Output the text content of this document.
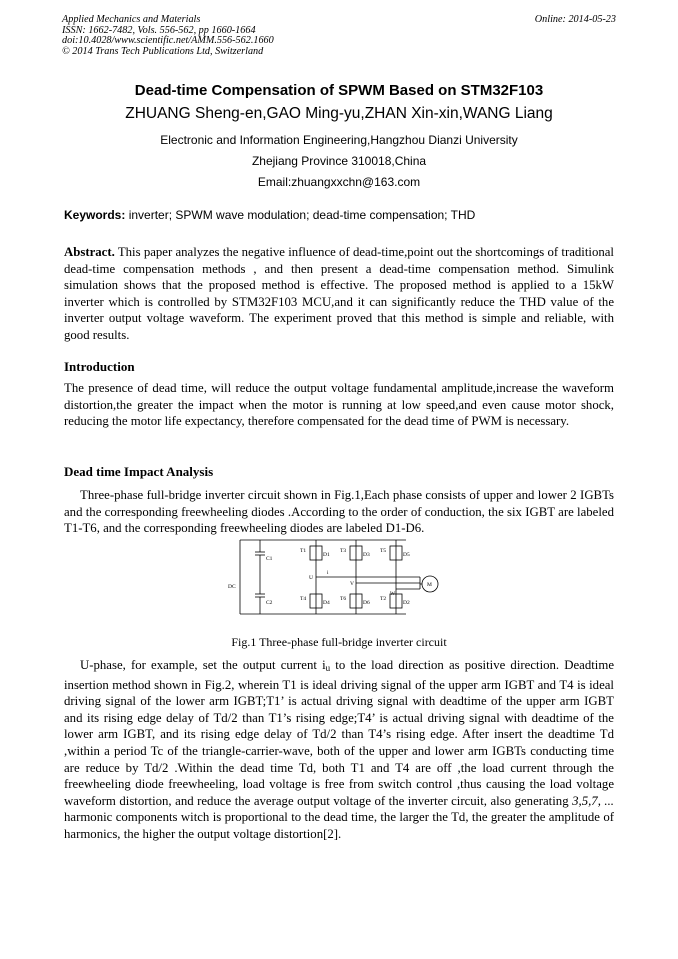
Applied Mechanics and Materials
ISSN: 1662-7482, Vols. 556-562, pp 1660-1664
doi:10.4028/www.scientific.net/AMM.556-562.1660
© 2014 Trans Tech Publications Ltd, Switzerland
Online: 2014-05-23
Dead-time Compensation of SPWM Based on STM32F103
ZHUANG Sheng-en,GAO Ming-yu,ZHAN Xin-xin,WANG Liang
Electronic and Information Engineering,Hangzhou Dianzi University
Zhejiang Province 310018,China
Email:zhuangxxchn@163.com
Keywords: inverter; SPWM wave modulation; dead-time compensation; THD
Abstract. This paper analyzes the negative influence of dead-time,point out the shortcomings of traditional dead-time compensation methods , and then present a dead-time compensation method. Simulink simulation shows that the proposed method is effective. The proposed method is applied to a 15kW inverter which is controlled by STM32F103 MCU,and it can significantly reduce the THD value of the inverter output voltage waveform. The experiment proved that this method is simple and reliable, with good results.
Introduction
The presence of dead time, will reduce the output voltage fundamental amplitude,increase the waveform distortion,the greater the impact when the motor is running at low speed,and even cause motor shock, reducing the motor life expectancy, therefore compensated for the dead time of PWM is necessary.
Dead time Impact Analysis
Three-phase full-bridge inverter circuit shown in Fig.1,Each phase consists of upper and lower 2 IGBTs and the corresponding freewheeling diodes .According to the order of conduction, the six IGBT are labeled T1-T6, and the corresponding freewheeling diodes are labeled D1-D6.
DC
C1
C2
T1	T3	T5
T4	T6	T2
D1	D3	D5
D4	D6	D2
U
V
W
i
M
Fig.1 Three-phase full-bridge inverter circuit
U-phase, for example, set the output current $i_u$ to the load direction as positive direction. Deadtime insertion method shown in Fig.2, wherein T1 is ideal driving signal of the upper arm IGBT and T4 is ideal driving signal of the lower arm IGBT;T1’ is actual driving signal with deadtime of the upper arm IGBT and its rising edge delay of Td/2 than T1’s rising edge;T4’ is actual driving signal with deadtime of the lower arm IGBT, and its rising edge delay of Td/2 than T4’s rising edge. After insert the deadtime Td ,within a period Tc of the triangle-carrier-wave, both of the upper and lower arm IGBTs conducting time are reduce by Td/2 .Within the dead time Td, both T1 and T4 are off ,the load current through the freewheeling diode freewheeling, load voltage is free from switch control ,thus causing the load voltage waveform distortion, and reduce the average output voltage of the inverter circuit, also generating 3,5,7, ... harmonic components witch is proportional to the dead time, the larger the Td, the greater the amplitude of harmonics, the higher the output voltage distortion[2].
